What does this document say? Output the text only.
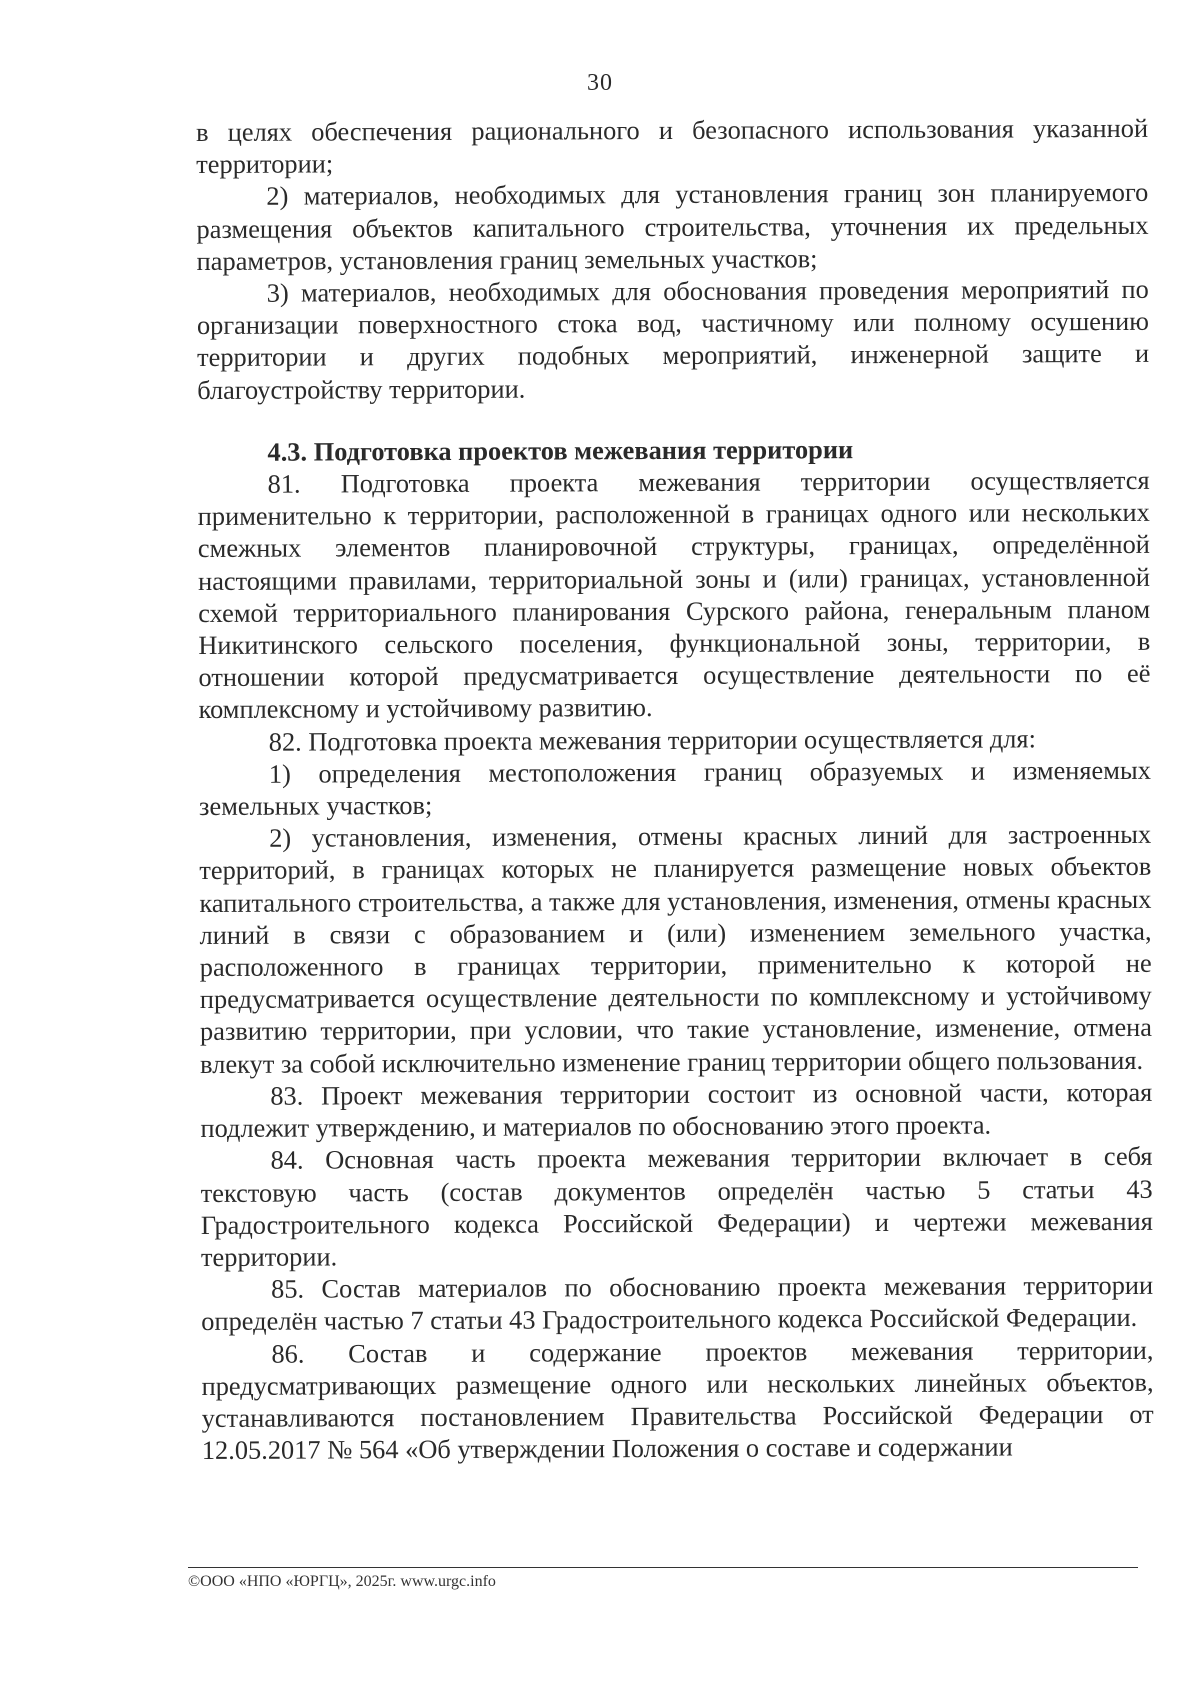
30

в целях обеспечения рационального и безопасного использования указанной территории;

2) материалов, необходимых для установления границ зон планируемого размещения объектов капитального строительства, уточнения их предельных параметров, установления границ земельных участков;

3) материалов, необходимых для обоснования проведения мероприятий по организации поверхностного стока вод, частичному или полному осушению территории и других подобных мероприятий, инженерной защите и благоустройству территории.

4.3. Подготовка проектов межевания территории

81. Подготовка проекта межевания территории осуществляется применительно к территории, расположенной в границах одного или нескольких смежных элементов планировочной структуры, границах, определённой настоящими правилами, территориальной зоны и (или) границах, установленной схемой территориального планирования Сурского района, генеральным планом Никитинского сельского поселения, функциональной зоны, территории, в отношении которой предусматривается осуществление деятельности по её комплексному и устойчивому развитию.

82. Подготовка проекта межевания территории осуществляется для:

1) определения местоположения границ образуемых и изменяемых земельных участков;

2) установления, изменения, отмены красных линий для застроенных территорий, в границах которых не планируется размещение новых объектов капитального строительства, а также для установления, изменения, отмены красных линий в связи с образованием и (или) изменением земельного участка, расположенного в границах территории, применительно к которой не предусматривается осуществление деятельности по комплексному и устойчивому развитию территории, при условии, что такие установление, изменение, отмена влекут за собой исключительно изменение границ территории общего пользования.

83. Проект межевания территории состоит из основной части, которая подлежит утверждению, и материалов по обоснованию этого проекта.

84. Основная часть проекта межевания территории включает в себя текстовую часть (состав документов определён частью 5 статьи 43 Градостроительного кодекса Российской Федерации) и чертежи межевания территории.

85. Состав материалов по обоснованию проекта межевания территории определён частью 7 статьи 43 Градостроительного кодекса Российской Федерации.

86. Состав и содержание проектов межевания территории, предусматривающих размещение одного или нескольких линейных объектов, устанавливаются постановлением Правительства Российской Федерации от 12.05.2017 № 564 «Об утверждении Положения о составе и содержании

©ООО «НПО «ЮРГЦ», 2025г. www.urgc.info
